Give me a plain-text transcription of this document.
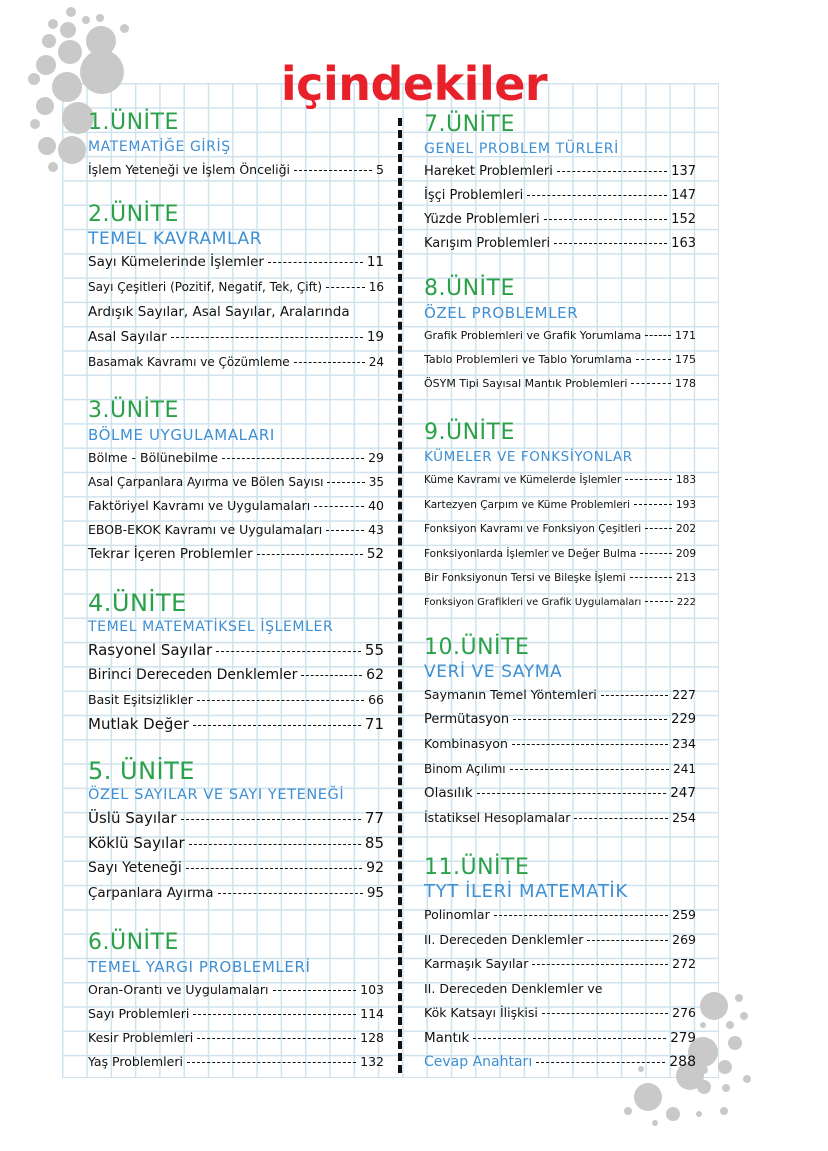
içindekiler
1.ÜNİTE
MATEMATİĞE GİRİŞ
İşlem Yeteneği ve İşlem Önceliği	5
2.ÜNİTE
TEMEL KAVRAMLAR
Sayı Kümelerinde İşlemler	11
Sayı Çeşitleri (Pozitif, Negatif, Tek, Çift)	16
Ardışık Sayılar, Asal Sayılar, Aralarında
Asal Sayılar	19
Basamak Kavramı ve Çözümleme	24
3.ÜNİTE
BÖLME UYGULAMALARI
Bölme - Bölünebilme	29
Asal Çarpanlara Ayırma ve Bölen Sayısı	35
Faktöriyel Kavramı ve Uygulamaları	40
EBOB-EKOK Kavramı ve Uygulamaları	43
Tekrar İçeren Problemler	52
4.ÜNİTE
TEMEL MATEMATİKSEL İŞLEMLER
Rasyonel Sayılar	55
Birinci Dereceden Denklemler	62
Basit Eşitsizlikler	66
Mutlak Değer	71
5. ÜNİTE
ÖZEL SAYILAR VE SAYI YETENEĞİ
Üslü Sayılar	77
Köklü Sayılar	85
Sayı Yeteneği	92
Çarpanlara Ayırma	95
6.ÜNİTE
TEMEL YARGI PROBLEMLERİ
Oran-Orantı ve Uygulamaları	103
Sayı Problemleri	114
Kesir Problemleri	128
Yaş Problemleri	132
7.ÜNİTE
GENEL PROBLEM TÜRLERİ
Hareket Problemleri	137
İşçi Problemleri	147
Yüzde Problemleri	152
Karışım Problemleri	163
8.ÜNİTE
ÖZEL PROBLEMLER
Grafik Problemleri ve Grafik Yorumlama	171
Tablo Problemleri ve Tablo Yorumlama	175
ÖSYM Tipi Sayısal Mantık Problemleri	178
9.ÜNİTE
KÜMELER VE FONKSİYONLAR
Küme Kavramı ve Kümelerde İşlemler	183
Kartezyen Çarpım ve Küme Problemleri	193
Fonksiyon Kavramı ve Fonksiyon Çeşitleri	202
Fonksiyonlarda İşlemler ve Değer Bulma	209
Bir Fonksiyonun Tersi ve Bileşke İşlemi	213
Fonksiyon Grafikleri ve Grafik Uygulamaları	222
10.ÜNİTE
VERİ VE SAYMA
Saymanın Temel Yöntemleri	227
Permütasyon	229
Kombinasyon	234
Binom Açılımı	241
Olasılık	247
İstatiksel Hesoplamalar	254
11.ÜNİTE
TYT İLERİ MATEMATİK
Polinomlar	259
II. Dereceden Denklemler	269
Karmaşık Sayılar	272
II. Dereceden Denklemler ve
Kök Katsayı İlişkisi	276
Mantık	279
Cevap Anahtarı	288
